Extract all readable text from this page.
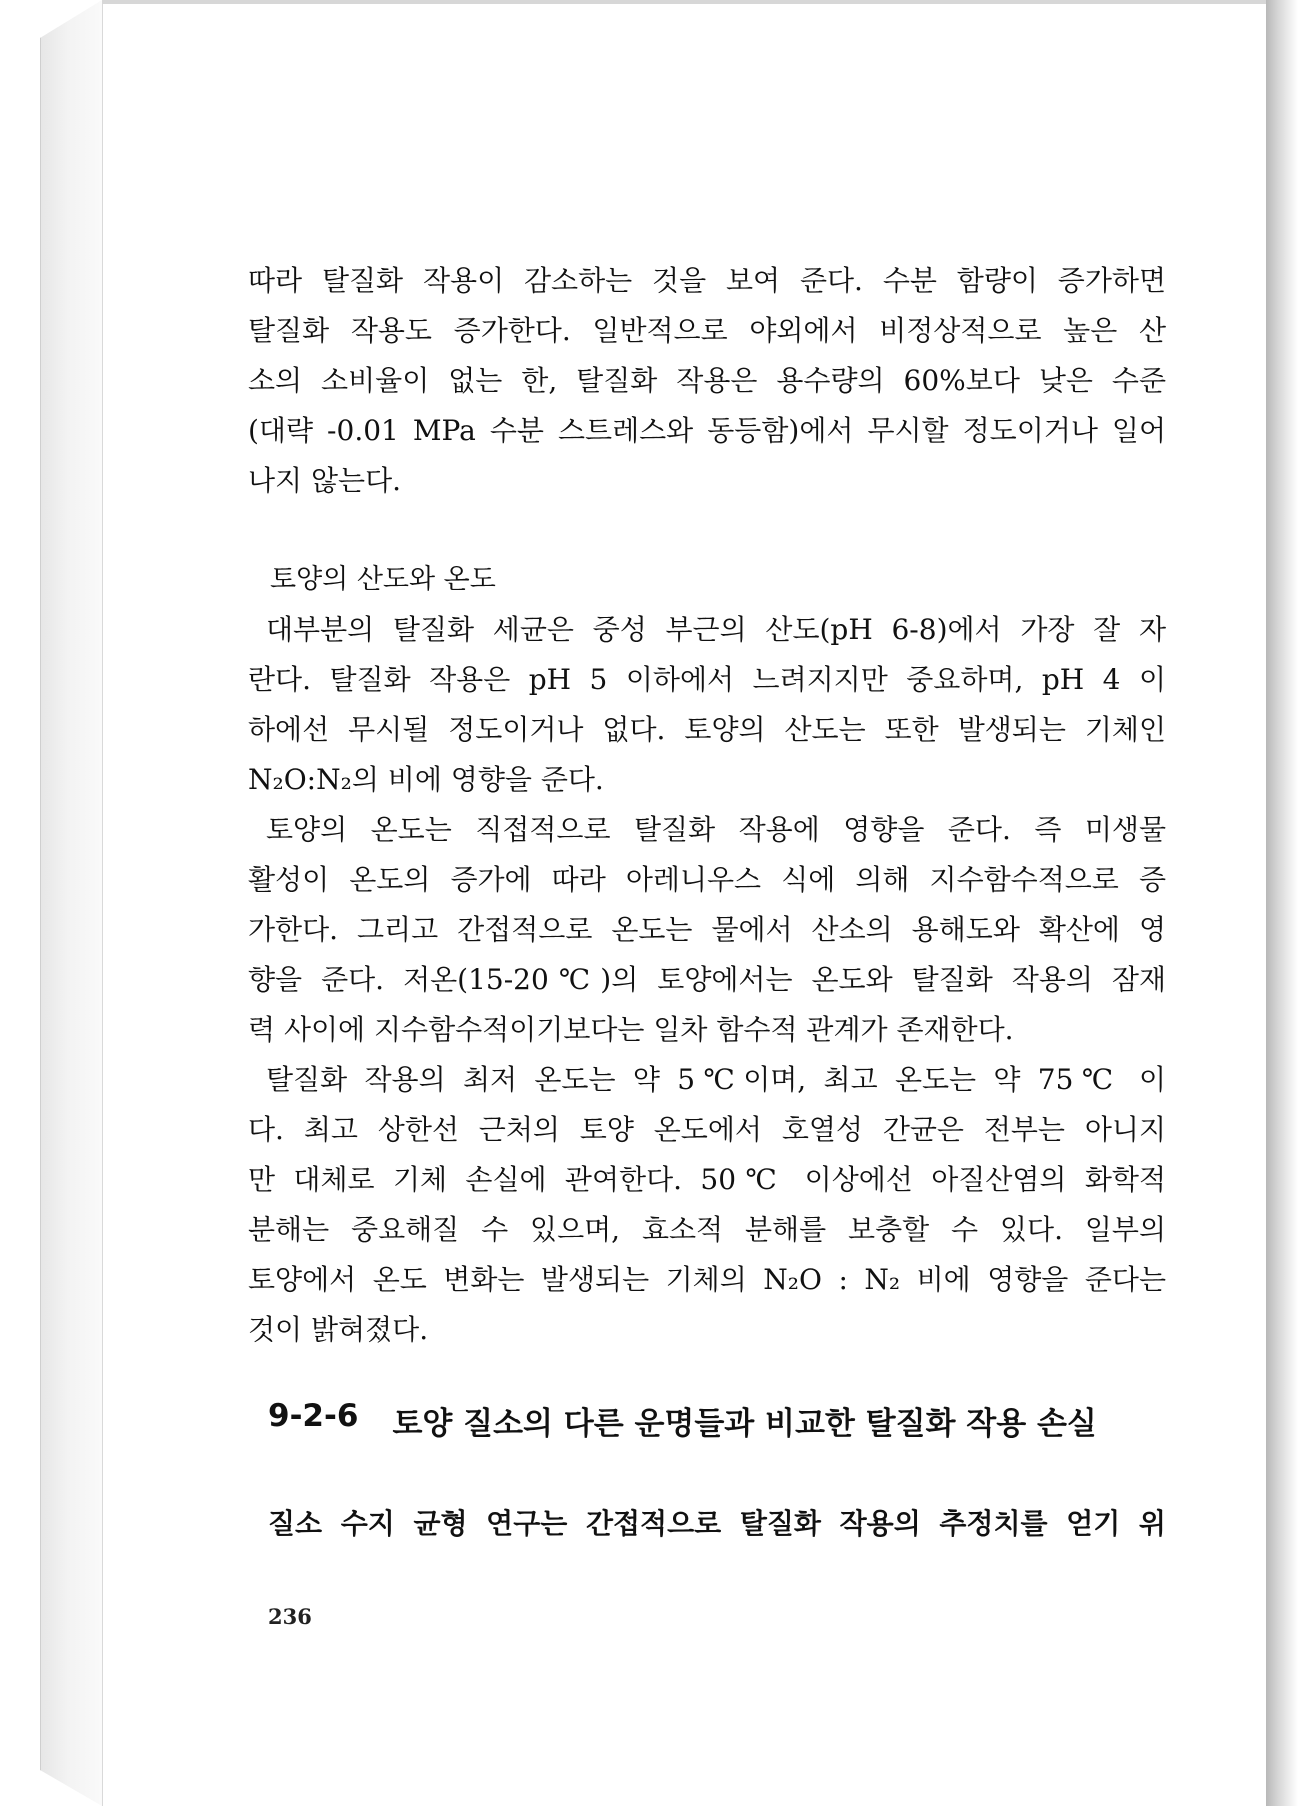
따라 탈질화 작용이 감소하는 것을 보여 준다. 수분 함량이 증가하면
탈질화 작용도 증가한다. 일반적으로 야외에서 비정상적으로 높은 산
소의 소비율이 없는 한, 탈질화 작용은 용수량의 60%보다 낮은 수준
(대략 -0.01 MPa 수분 스트레스와 동등함)에서 무시할 정도이거나 일어
나지 않는다.
토양의 산도와 온도
대부분의 탈질화 세균은 중성 부근의 산도(pH 6-8)에서 가장 잘 자
란다. 탈질화 작용은 pH 5 이하에서 느려지지만 중요하며, pH 4 이
하에선 무시될 정도이거나 없다. 토양의 산도는 또한 발생되는 기체인
N₂O:N₂의 비에 영향을 준다.
토양의 온도는 직접적으로 탈질화 작용에 영향을 준다. 즉 미생물
활성이 온도의 증가에 따라 아레니우스 식에 의해 지수함수적으로 증
가한다. 그리고 간접적으로 온도는 물에서 산소의 용해도와 확산에 영
향을 준다. 저온(15-20℃)의 토양에서는 온도와 탈질화 작용의 잠재
력 사이에 지수함수적이기보다는 일차 함수적 관계가 존재한다.
탈질화 작용의 최저 온도는 약 5℃이며, 최고 온도는 약 75℃ 이
다. 최고 상한선 근처의 토양 온도에서 호열성 간균은 전부는 아니지
만 대체로 기체 손실에 관여한다. 50℃ 이상에선 아질산염의 화학적
분해는 중요해질 수 있으며, 효소적 분해를 보충할 수 있다. 일부의
토양에서 온도 변화는 발생되는 기체의 N₂O : N₂ 비에 영향을 준다는
것이 밝혀졌다.
9-2-6 토양 질소의 다른 운명들과 비교한 탈질화 작용 손실
질소 수지 균형 연구는 간접적으로 탈질화 작용의 추정치를 얻기 위
236
